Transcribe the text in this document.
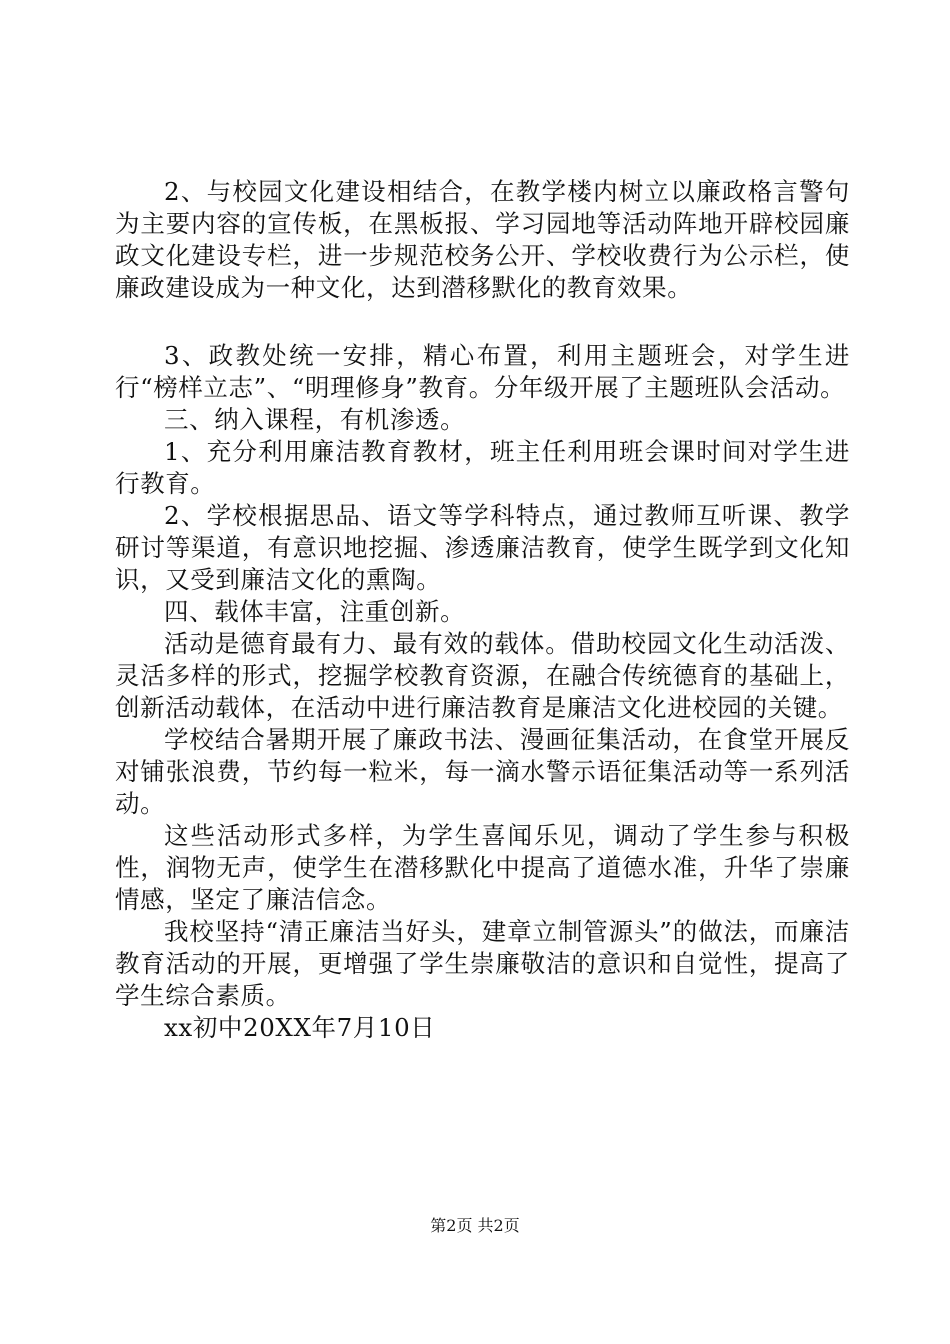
2、与校园文化建设相结合，在教学楼内树立以廉政格言警句为主要内容的宣传板，在黑板报、学习园地等活动阵地开辟校园廉政文化建设专栏，进一步规范校务公开、学校收费行为公示栏，使廉政建设成为一种文化，达到潜移默化的教育效果。

3、政教处统一安排，精心布置，利用主题班会，对学生进行“榜样立志”、“明理修身”教育。分年级开展了主题班队会活动。

三、纳入课程，有机渗透。

1、充分利用廉洁教育教材，班主任利用班会课时间对学生进行教育。

2、学校根据思品、语文等学科特点，通过教师互听课、教学研讨等渠道，有意识地挖掘、渗透廉洁教育，使学生既学到文化知识，又受到廉洁文化的熏陶。

四、载体丰富，注重创新。

活动是德育最有力、最有效的载体。借助校园文化生动活泼、灵活多样的形式，挖掘学校教育资源，在融合传统德育的基础上，创新活动载体，在活动中进行廉洁教育是廉洁文化进校园的关键。

学校结合暑期开展了廉政书法、漫画征集活动，在食堂开展反对铺张浪费，节约每一粒米，每一滴水警示语征集活动等一系列活动。

这些活动形式多样，为学生喜闻乐见，调动了学生参与积极性，润物无声，使学生在潜移默化中提高了道德水准，升华了崇廉情感，坚定了廉洁信念。

我校坚持“清正廉洁当好头，建章立制管源头”的做法，而廉洁教育活动的开展，更增强了学生崇廉敬洁的意识和自觉性，提高了学生综合素质。

xx初中20XX年7月10日

第2页 共2页
